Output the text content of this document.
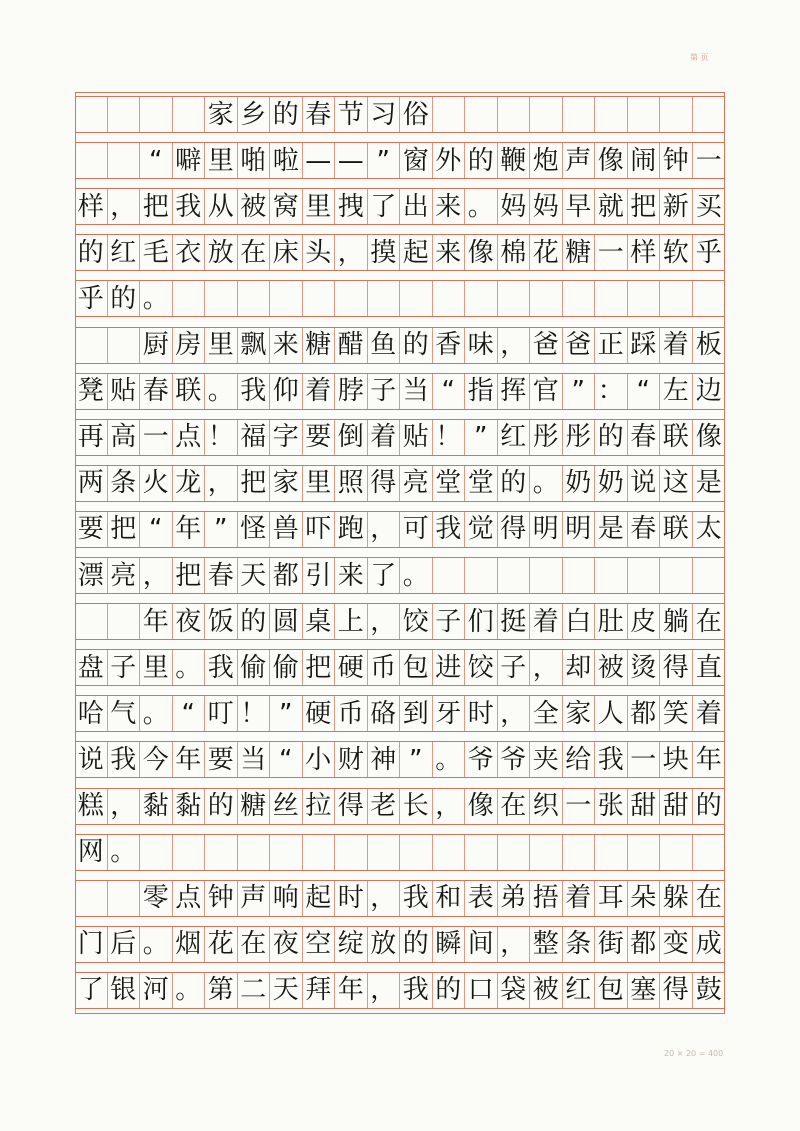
第 页
家 乡 的 春 节 习 俗
“ 噼 里 啪 啦 — — ” 窗 外 的 鞭 炮 声 像 闹 钟 一
样 ， 把 我 从 被 窝 里 拽 了 出 来 。 妈 妈 早 就 把 新 买
的 红 毛 衣 放 在 床 头 ， 摸 起 来 像 棉 花 糖 一 样 软 乎
乎 的 。
厨 房 里 飘 来 糖 醋 鱼 的 香 味 ， 爸 爸 正 踩 着 板
凳 贴 春 联 。 我 仰 着 脖 子 当 “ 指 挥 官 ” ： “ 左 边
再 高 一 点 ！ 福 字 要 倒 着 贴 ！ ” 红 彤 彤 的 春 联 像
两 条 火 龙 ， 把 家 里 照 得 亮 堂 堂 的 。 奶 奶 说 这 是
要 把 “ 年 ” 怪 兽 吓 跑 ， 可 我 觉 得 明 明 是 春 联 太
漂 亮 ， 把 春 天 都 引 来 了 。
年 夜 饭 的 圆 桌 上 ， 饺 子 们 挺 着 白 肚 皮 躺 在
盘 子 里 。 我 偷 偷 把 硬 币 包 进 饺 子 ， 却 被 烫 得 直
哈 气 。 “ 叮 ！ ” 硬 币 硌 到 牙 时 ， 全 家 人 都 笑 着
说 我 今 年 要 当 “ 小 财 神 ” 。 爷 爷 夹 给 我 一 块 年
糕 ， 黏 黏 的 糖 丝 拉 得 老 长 ， 像 在 织 一 张 甜 甜 的
网 。
零 点 钟 声 响 起 时 ， 我 和 表 弟 捂 着 耳 朵 躲 在
门 后 。 烟 花 在 夜 空 绽 放 的 瞬 间 ， 整 条 街 都 变 成
了 银 河 。 第 二 天 拜 年 ， 我 的 口 袋 被 红 包 塞 得 鼓
20 × 20 = 400
